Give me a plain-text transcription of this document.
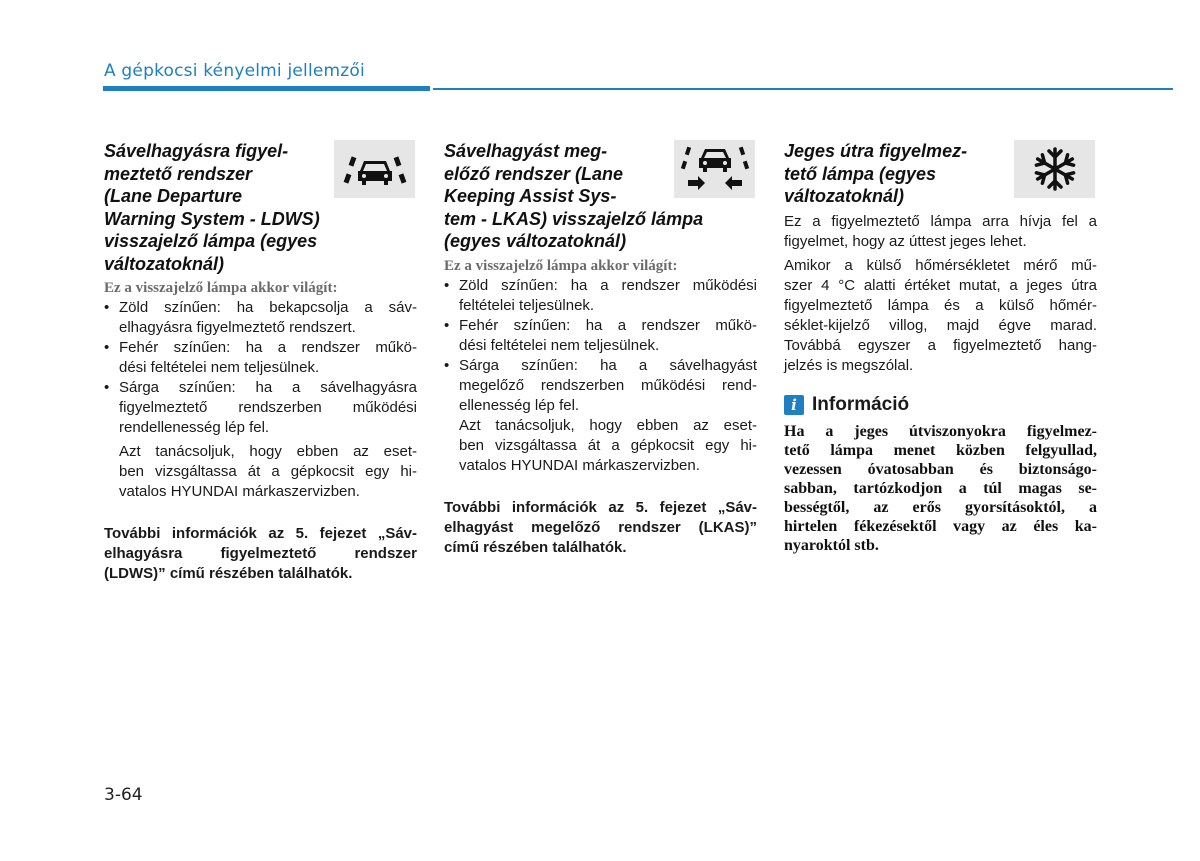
A gépkocsi kényelmi jellemzői
Sávelhagyásra figyel-
meztető rendszer
(Lane Departure
Warning System - LDWS)
visszajelző lámpa (egyes
változatoknál)
Ez a visszajelző lámpa akkor világít:
• Zöld színűen: ha bekapcsolja a sáv-
elhagyásra figyelmeztető rendszert.
• Fehér színűen: ha a rendszer műkö-
dési feltételei nem teljesülnek.
• Sárga színűen: ha a sávelhagyásra
figyelmeztető rendszerben működési
rendellenesség lép fel.
Azt tanácsoljuk, hogy ebben az eset-
ben vizsgáltassa át a gépkocsit egy hi-
vatalos HYUNDAI márkaszervizben.
További információk az 5. fejezet „Sáv-
elhagyásra figyelmeztető rendszer
(LDWS)” című részében találhatók.
Sávelhagyást meg-
előző rendszer (Lane
Keeping Assist Sys-
tem - LKAS) visszajelző lámpa
(egyes változatoknál)
Ez a visszajelző lámpa akkor világít:
• Zöld színűen: ha a rendszer működési
feltételei teljesülnek.
• Fehér színűen: ha a rendszer műkö-
dési feltételei nem teljesülnek.
• Sárga színűen: ha a sávelhagyást
megelőző rendszerben működési rend-
ellenesség lép fel.
Azt tanácsoljuk, hogy ebben az eset-
ben vizsgáltassa át a gépkocsit egy hi-
vatalos HYUNDAI márkaszervizben.
További információk az 5. fejezet „Sáv-
elhagyást megelőző rendszer (LKAS)”
című részében találhatók.
Jeges útra figyelmez-
tető lámpa (egyes
változatoknál)
Ez a figyelmeztető lámpa arra hívja fel a
figyelmet, hogy az úttest jeges lehet.
Amikor a külső hőmérsékletet mérő mű-
szer 4 °C alatti értéket mutat, a jeges útra
figyelmeztető lámpa és a külső hőmér-
séklet-kijelző villog, majd égve marad.
Továbbá egyszer a figyelmeztető hang-
jelzés is megszólal.
i Információ
Ha a jeges útviszonyokra figyelmez-
tető lámpa menet közben felgyullad,
vezessen óvatosabban és biztonságo-
sabban, tartózkodjon a túl magas se-
bességtől, az erős gyorsításoktól, a
hirtelen fékezésektől vagy az éles ka-
nyaroktól stb.
3-64
